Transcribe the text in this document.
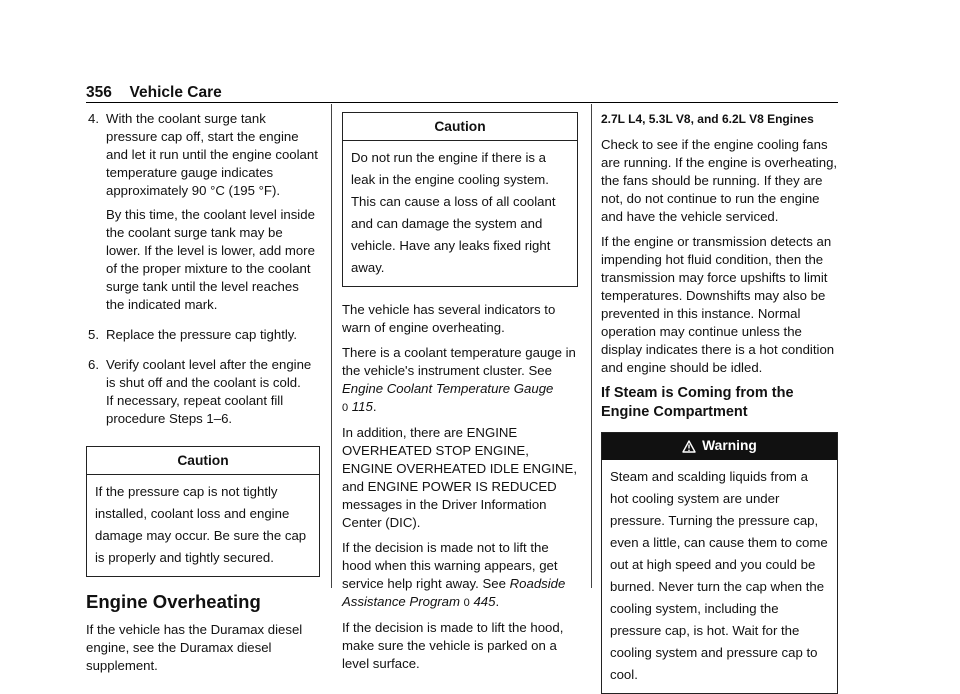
356 Vehicle Care
4. With the coolant surge tank pressure cap off, start the engine and let it run until the engine coolant temperature gauge indicates approximately 90 °C (195 °F).

By this time, the coolant level inside the coolant surge tank may be lower. If the level is lower, add more of the proper mixture to the coolant surge tank until the level reaches the indicated mark.

5. Replace the pressure cap tightly.

6. Verify coolant level after the engine is shut off and the coolant is cold.

If necessary, repeat coolant fill procedure Steps 1–6.

Caution
If the pressure cap is not tightly installed, coolant loss and engine damage may occur. Be sure the cap is properly and tightly secured.
Engine Overheating

If the vehicle has the Duramax diesel engine, see the Duramax diesel supplement.

Caution
Do not run the engine if there is a leak in the engine cooling system. This can cause a loss of all coolant and can damage the system and vehicle. Have any leaks fixed right away.

The vehicle has several indicators to warn of engine overheating.

There is a coolant temperature gauge in the vehicle's instrument cluster. See Engine Coolant Temperature Gauge 0 115.

In addition, there are ENGINE OVERHEATED STOP ENGINE, ENGINE OVERHEATED IDLE ENGINE, and ENGINE POWER IS REDUCED messages in the Driver Information Center (DIC).

If the decision is made not to lift the hood when this warning appears, get service help right away. See Roadside Assistance Program 0 445.

If the decision is made to lift the hood, make sure the vehicle is parked on a level surface.

2.7L L4, 5.3L V8, and 6.2L V8 Engines

Check to see if the engine cooling fans are running. If the engine is overheating, the fans should be running. If they are not, do not continue to run the engine and have the vehicle serviced.

If the engine or transmission detects an impending hot fluid condition, then the transmission may force upshifts to limit temperatures. Downshifts may also be prevented in this instance. Normal operation may continue unless the display indicates there is a hot condition and engine should be idled.

If Steam is Coming from the Engine Compartment
Warning
Steam and scalding liquids from a hot cooling system are under pressure. Turning the pressure cap, even a little, can cause them to come out at high speed and you could be burned. Never turn the cap when the cooling system, including the pressure cap, is hot. Wait for the cooling system and pressure cap to cool.
